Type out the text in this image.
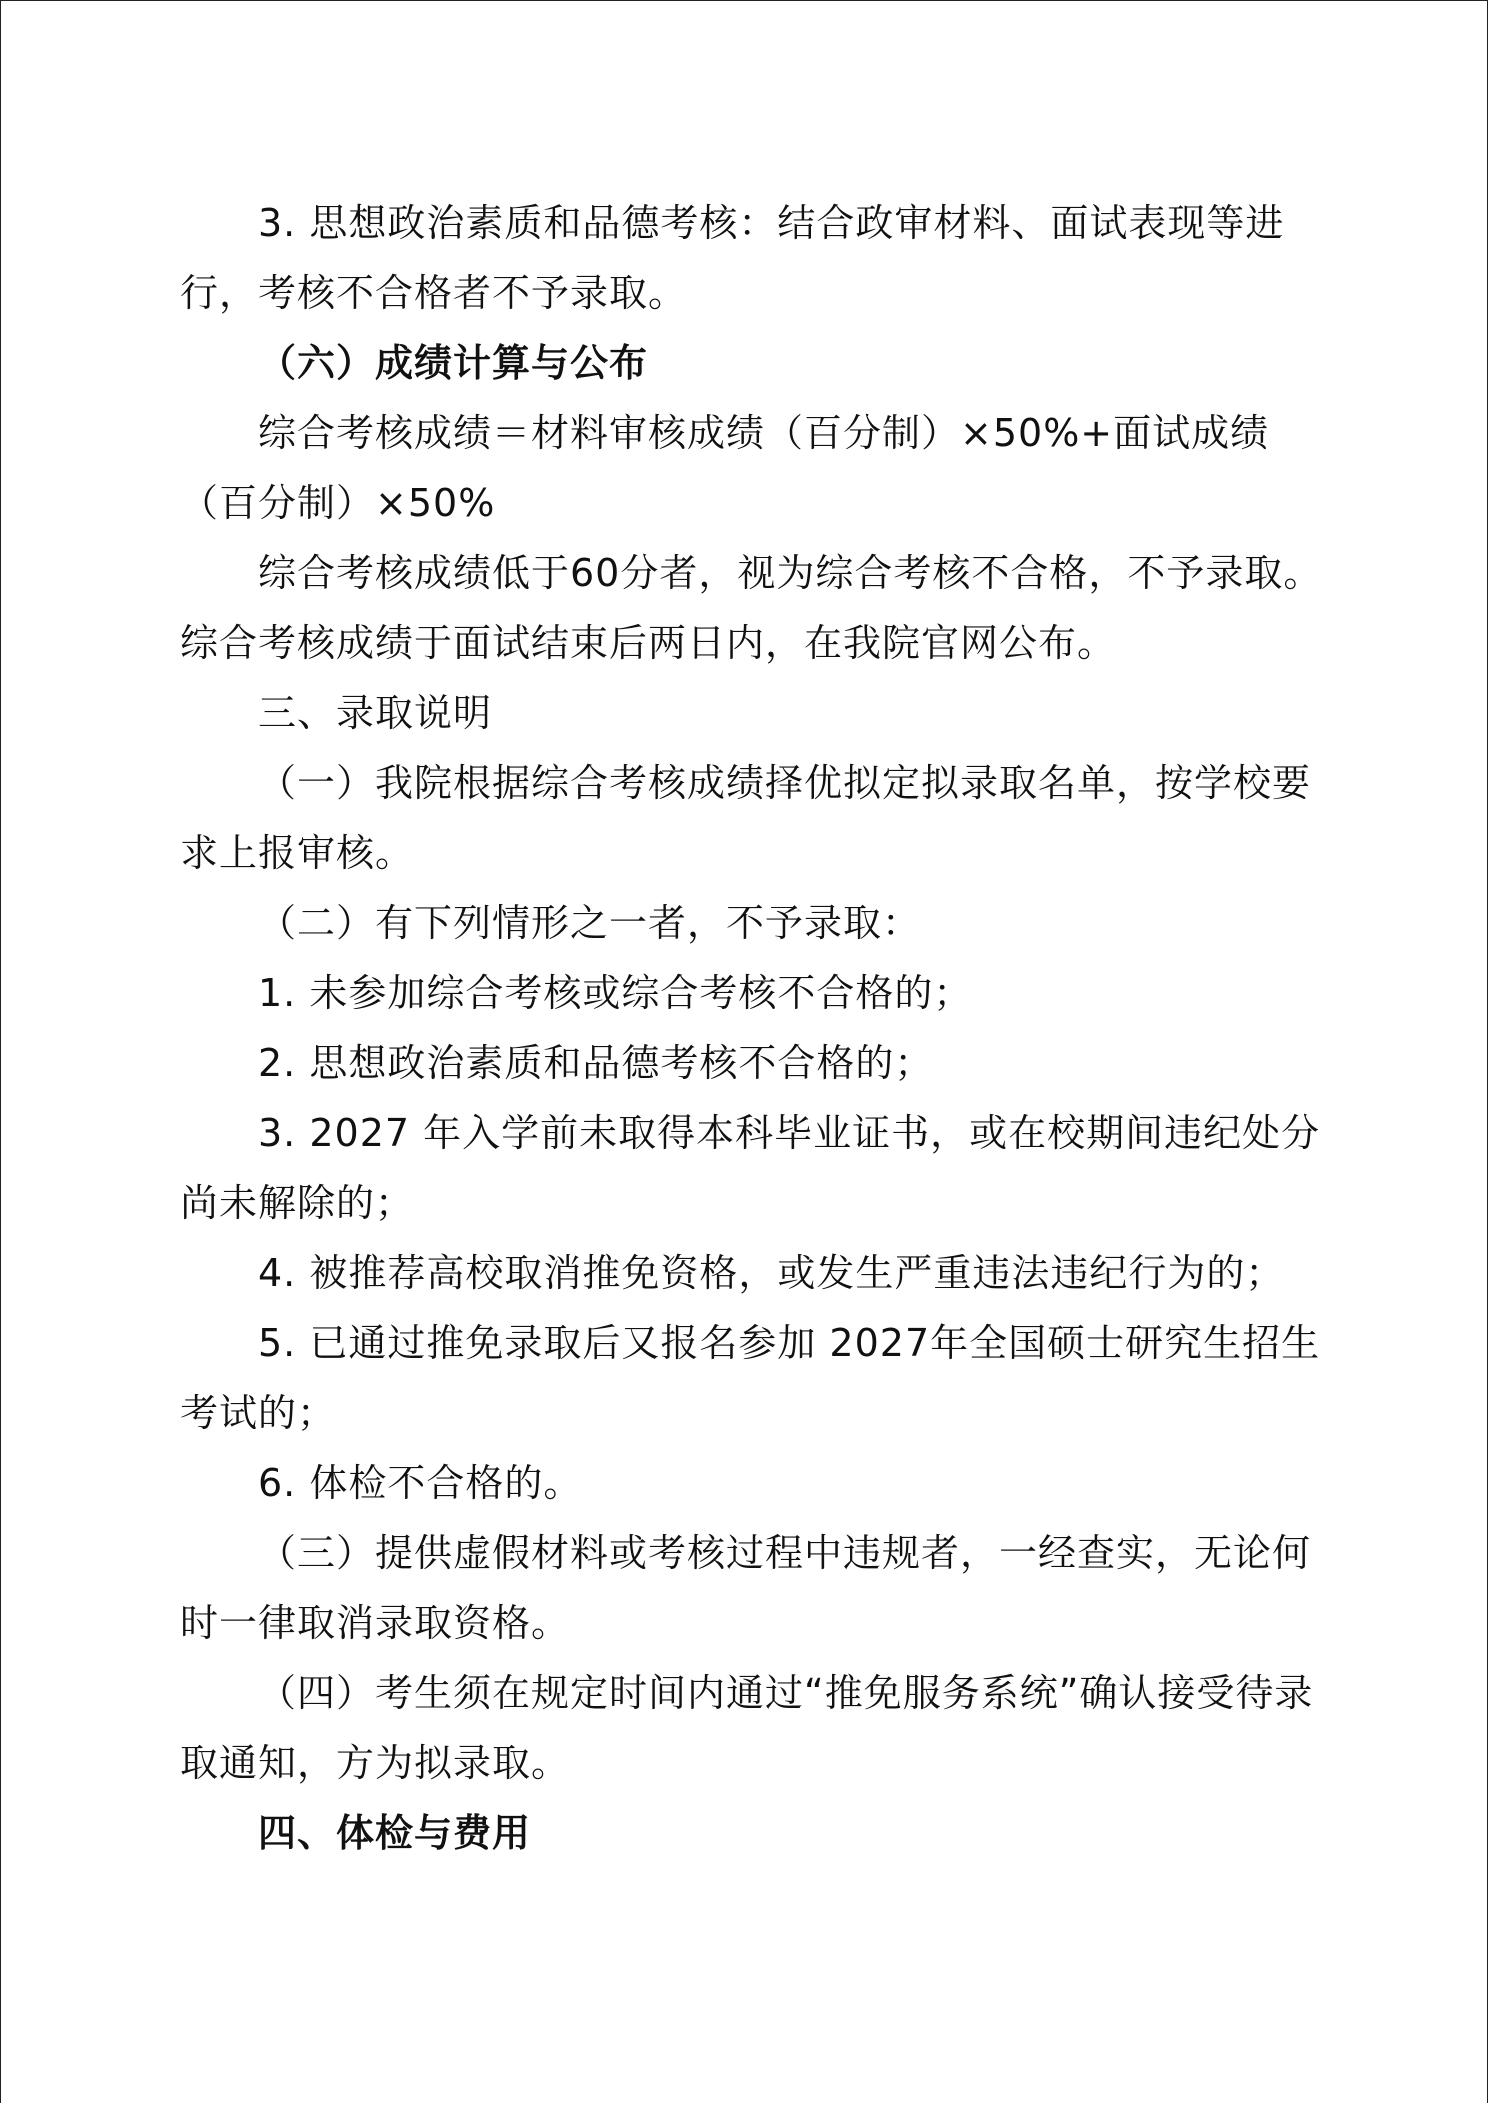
3. 思想政治素质和品德考核：结合政审材料、面试表现等进行，考核不合格者不予录取。

（六）成绩计算与公布

综合考核成绩＝材料审核成绩（百分制）×50%+面试成绩（百分制）×50%

综合考核成绩低于60分者，视为综合考核不合格，不予录取。综合考核成绩于面试结束后两日内，在我院官网公布。

三、录取说明

（一）我院根据综合考核成绩择优拟定拟录取名单，按学校要求上报审核。

（二）有下列情形之一者，不予录取：

1. 未参加综合考核或综合考核不合格的；

2. 思想政治素质和品德考核不合格的；

3. 2027 年入学前未取得本科毕业证书，或在校期间违纪处分尚未解除的；

4. 被推荐高校取消推免资格，或发生严重违法违纪行为的；

5. 已通过推免录取后又报名参加 2027年全国硕士研究生招生考试的；

6. 体检不合格的。

（三）提供虚假材料或考核过程中违规者，一经查实，无论何时一律取消录取资格。

（四）考生须在规定时间内通过“推免服务系统”确认接受待录取通知，方为拟录取。

四、体检与费用
